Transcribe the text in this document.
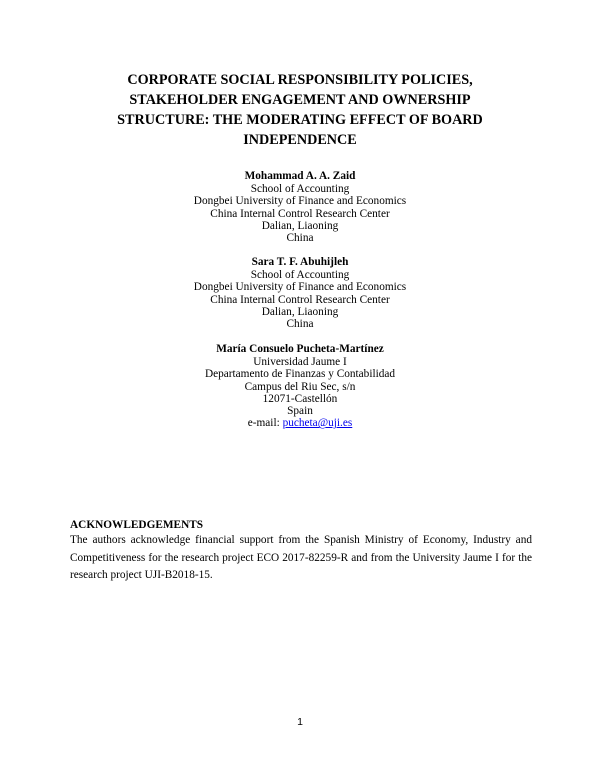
CORPORATE SOCIAL RESPONSIBILITY POLICIES,
STAKEHOLDER ENGAGEMENT AND OWNERSHIP
STRUCTURE: THE MODERATING EFFECT OF BOARD
INDEPENDENCE
Mohammad A. A. Zaid
School of Accounting
Dongbei University of Finance and Economics
China Internal Control Research Center
Dalian, Liaoning
China
Sara T. F. Abuhijleh
School of Accounting
Dongbei University of Finance and Economics
China Internal Control Research Center
Dalian, Liaoning
China
María Consuelo Pucheta-Martínez
Universidad Jaume I
Departamento de Finanzas y Contabilidad
Campus del Riu Sec, s/n
12071-Castellón
Spain
e-mail: pucheta@uji.es
ACKNOWLEDGEMENTS
The authors acknowledge financial support from the Spanish Ministry of Economy, Industry and Competitiveness for the research project ECO 2017-82259-R and from the University Jaume I for the research project UJI-B2018-15.
1
